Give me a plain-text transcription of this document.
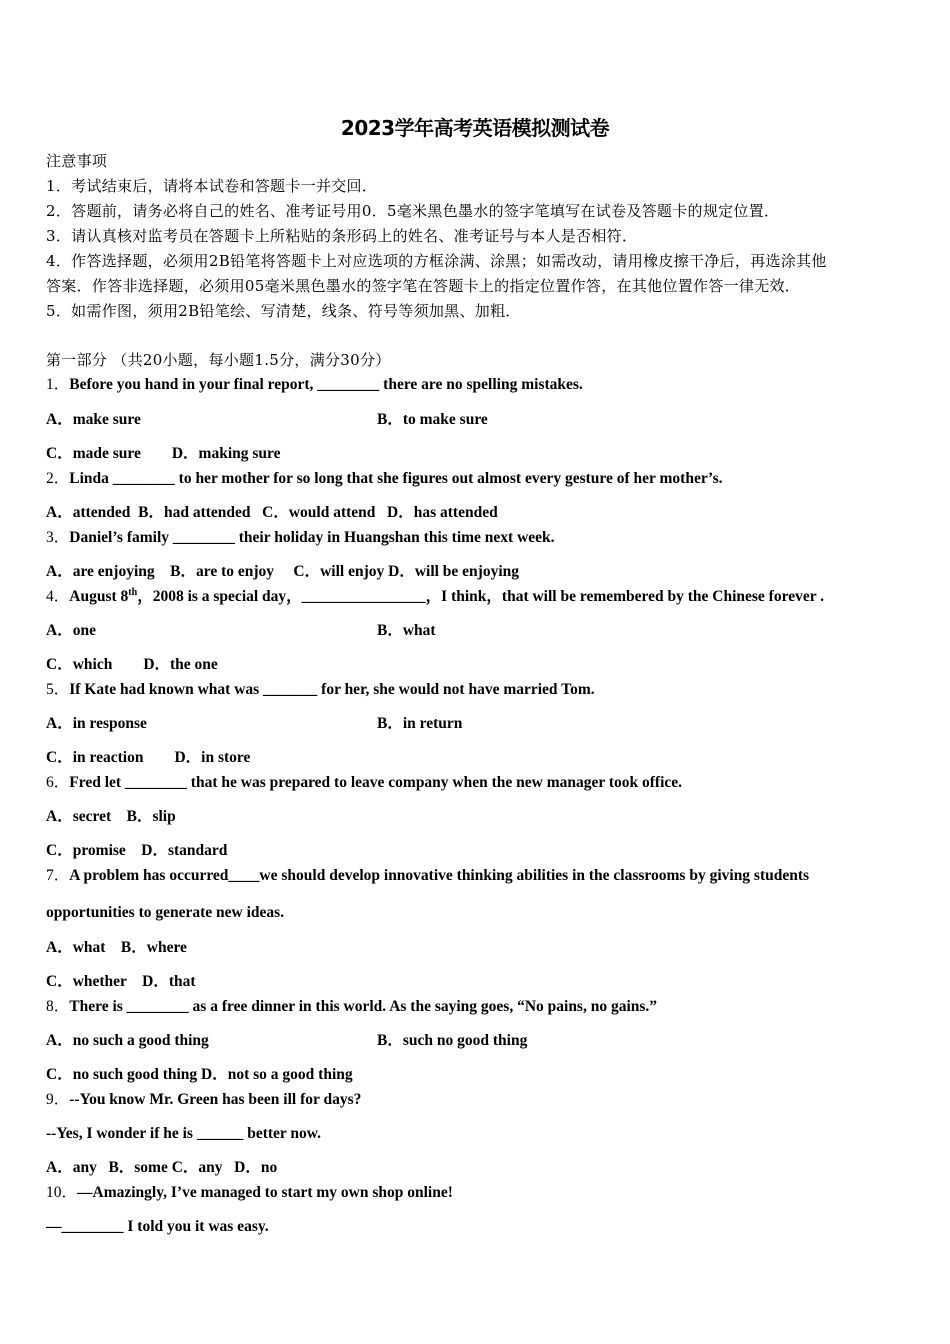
2023学年高考英语模拟测试卷
注意事项
1．考试结束后，请将本试卷和答题卡一并交回．
2．答题前，请务必将自己的姓名、准考证号用0．5毫米黑色墨水的签字笔填写在试卷及答题卡的规定位置．
3．请认真核对监考员在答题卡上所粘贴的条形码上的姓名、准考证号与本人是否相符．
4．作答选择题，必须用2B铅笔将答题卡上对应选项的方框涂满、涂黑；如需改动，请用橡皮擦干净后，再选涂其他
答案．作答非选择题，必须用05毫米黑色墨水的签字笔在答题卡上的指定位置作答，在其他位置作答一律无效．
5．如需作图，须用2B铅笔绘、写清楚，线条、符号等须加黑、加粗．
第一部分 （共20小题，每小题1.5分，满分30分）
1．Before you hand in your final report, ________ there are no spelling mistakes.
A．make sure	B．to make sure
C．made sure　　D．making sure
2．Linda ________ to her mother for so long that she figures out almost every gesture of her mother’s.
A．attended  B．had attended   C．would attend   D．has attended
3．Daniel’s family ________ their holiday in Huangshan this time next week.
A．are enjoying    B．are to enjoy     C．will enjoy D．will be enjoying
4．August 8th，2008 is a special day，________________，I think，that will be remembered by the Chinese forever .
A．one	B．what
C．which　　D．the one
5．If Kate had known what was _______ for her, she would not have married Tom.
A．in response	B．in return
C．in reaction　　D．in store
6．Fred let ________ that he was prepared to leave company when the new manager took office.
A．secret    B．slip
C．promise    D．standard
7．A problem has occurred____we should develop innovative thinking abilities in the classrooms by giving students
opportunities to generate new ideas.
A．what    B．where
C．whether    D．that
8．There is ________ as a free dinner in this world. As the saying goes, “No pains, no gains.”
A．no such a good thing	B．such no good thing
C．no such good thing D．not so a good thing
9．--You know Mr. Green has been ill for days?
--Yes, I wonder if he is ______ better now.
A．any   B．some C．any   D．no
10．—Amazingly, I’ve managed to start my own shop online!
—________ I told you it was easy.
